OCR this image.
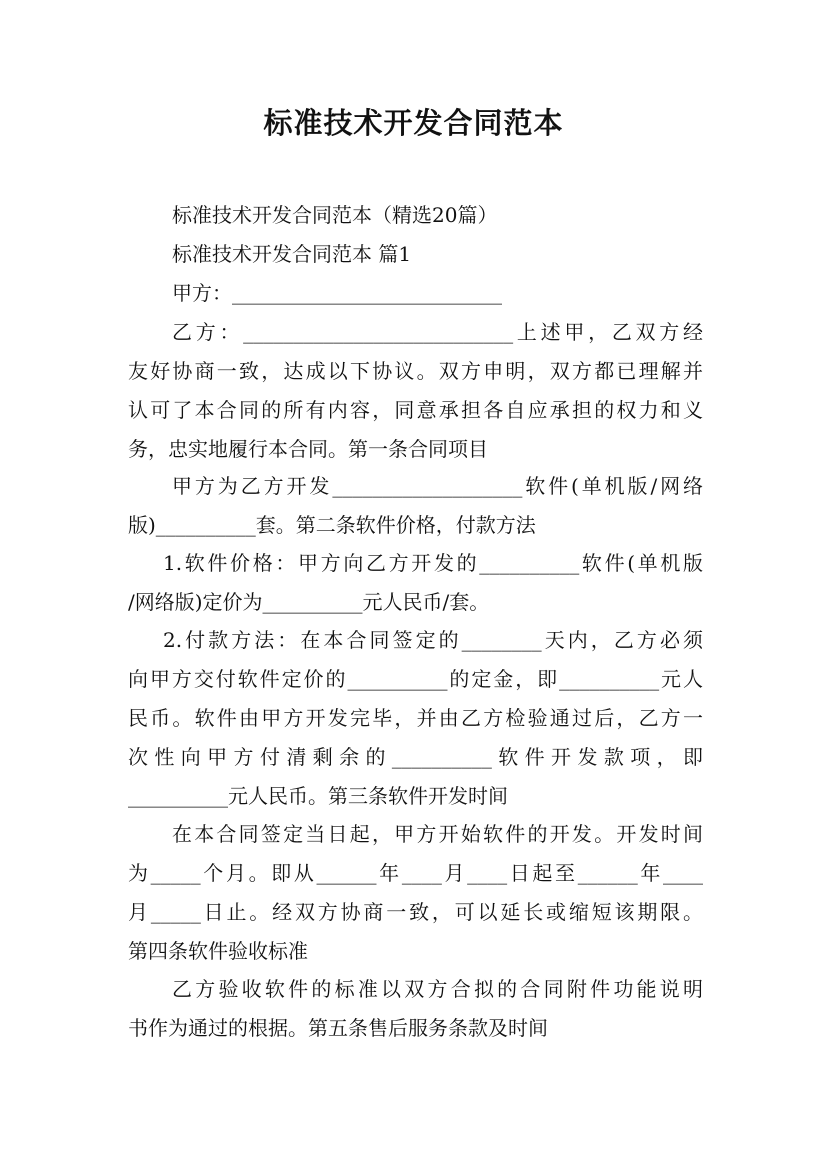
标准技术开发合同范本

标准技术开发合同范本（精选20篇）

标准技术开发合同范本 篇1

甲方：___________________________

乙方：___________________________上述甲，乙双方经
友好协商一致，达成以下协议。双方申明，双方都已理解并
认可了本合同的所有内容，同意承担各自应承担的权力和义
务，忠实地履行本合同。第一条合同项目

甲方为乙方开发___________________软件(单机版/网络
版)__________套。第二条软件价格，付款方法

1.软件价格：甲方向乙方开发的__________软件(单机版
/网络版)定价为__________元人民币/套。

2.付款方法：在本合同签定的________天内，乙方必须
向甲方交付软件定价的__________的定金，即__________元人
民币。软件由甲方开发完毕，并由乙方检验通过后，乙方一
次性向甲方付清剩余的__________软件开发款项，即
__________元人民币。第三条软件开发时间

在本合同签定当日起，甲方开始软件的开发。开发时间
为_____个月。即从______年____月____日起至______年____
月_____日止。经双方协商一致，可以延长或缩短该期限。
第四条软件验收标准

乙方验收软件的标准以双方合拟的合同附件功能说明
书作为通过的根据。第五条售后服务条款及时间
